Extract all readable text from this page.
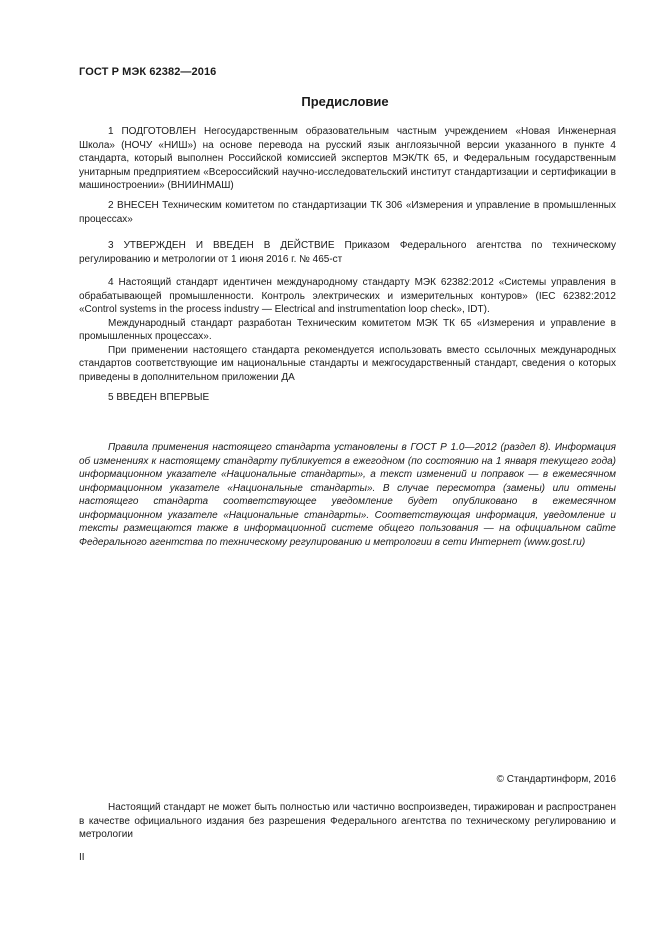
ГОСТ Р МЭК 62382—2016
Предисловие

1 ПОДГОТОВЛЕН Негосударственным образовательным частным учреждением «Новая Инженерная Школа» (НОЧУ «НИШ») на основе перевода на русский язык англоязычной версии указанного в пункте 4 стандарта, который выполнен Российской комиссией экспертов МЭК/ТК 65, и Федеральным государственным унитарным предприятием «Всероссийский научно-исследовательский институт стандартизации и сертификации в машиностроении» (ВНИИНМАШ)

2 ВНЕСЕН Техническим комитетом по стандартизации ТК 306 «Измерения и управление в промышленных процессах»

3 УТВЕРЖДЕН И ВВЕДЕН В ДЕЙСТВИЕ Приказом Федерального агентства по техническому регулированию и метрологии от 1 июня 2016 г. № 465-ст

4 Настоящий стандарт идентичен международному стандарту МЭК 62382:2012 «Системы управления в обрабатывающей промышленности. Контроль электрических и измерительных контуров» (IEC 62382:2012 «Control systems in the process industry — Electrical and instrumentation loop check», IDT).

Международный стандарт разработан Техническим комитетом МЭК ТК 65 «Измерения и управление в промышленных процессах».

При применении настоящего стандарта рекомендуется использовать вместо ссылочных международных стандартов соответствующие им национальные стандарты и межгосударственный стандарт, сведения о которых приведены в дополнительном приложении ДА

5 ВВЕДЕН ВПЕРВЫЕ

Правила применения настоящего стандарта установлены в ГОСТ Р 1.0—2012 (раздел 8). Информация об изменениях к настоящему стандарту публикуется в ежегодном (по состоянию на 1 января текущего года) информационном указателе «Национальные стандарты», а текст изменений и поправок — в ежемесячном информационном указателе «Национальные стандарты». В случае пересмотра (замены) или отмены настоящего стандарта соответствующее уведомление будет опубликовано в ежемесячном информационном указателе «Национальные стандарты». Соответствующая информация, уведомление и тексты размещаются также в информационной системе общего пользования — на официальном сайте Федерального агентства по техническому регулированию и метрологии в сети Интернет (www.gost.ru)

© Стандартинформ, 2016
Настоящий стандарт не может быть полностью или частично воспроизведен, тиражирован и распространен в качестве официального издания без разрешения Федерального агентства по техническому регулированию и метрологии
II
